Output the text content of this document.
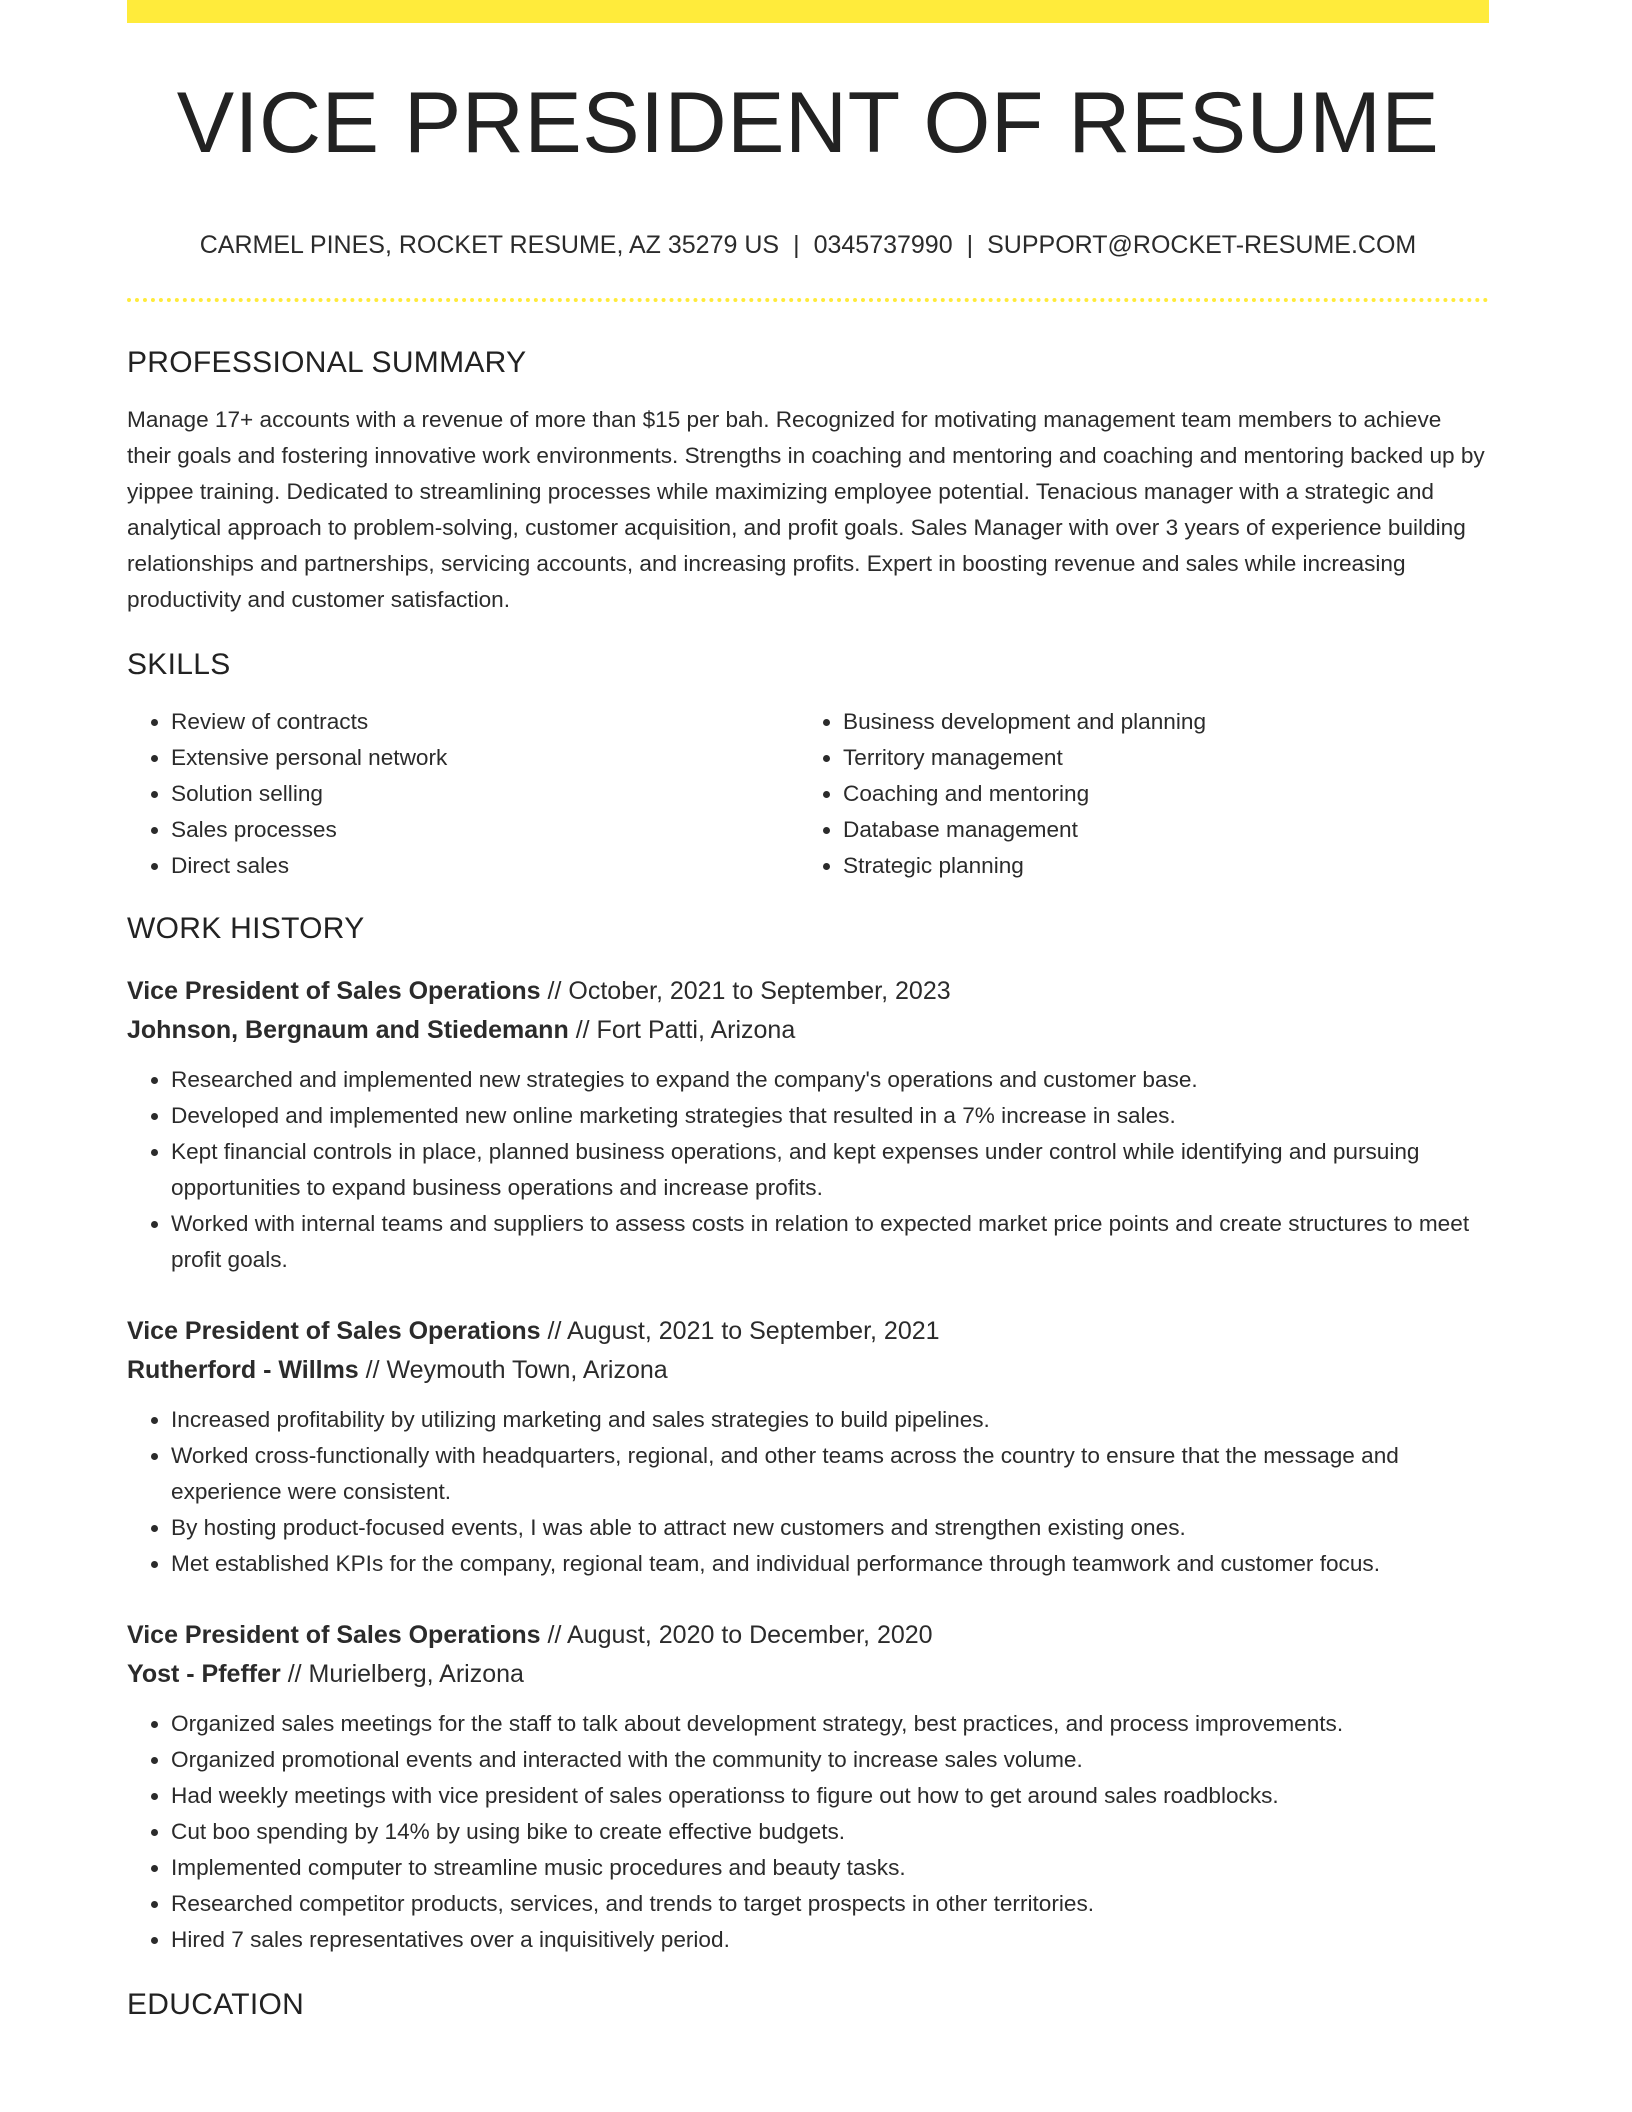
VICE PRESIDENT OF RESUME
CARMEL PINES, ROCKET RESUME, AZ 35279 US | 0345737990 | SUPPORT@ROCKET-RESUME.COM
PROFESSIONAL SUMMARY

Manage 17+ accounts with a revenue of more than $15 per bah. Recognized for motivating management team members to achieve their goals and fostering innovative work environments. Strengths in coaching and mentoring and coaching and mentoring backed up by yippee training. Dedicated to streamlining processes while maximizing employee potential. Tenacious manager with a strategic and analytical approach to problem-solving, customer acquisition, and profit goals. Sales Manager with over 3 years of experience building relationships and partnerships, servicing accounts, and increasing profits. Expert in boosting revenue and sales while increasing productivity and customer satisfaction.

SKILLS
• Review of contracts
• Extensive personal network
• Solution selling
• Sales processes
• Direct sales
• Business development and planning
• Territory management
• Coaching and mentoring
• Database management
• Strategic planning
WORK HISTORY
Vice President of Sales Operations // October, 2021 to September, 2023
Johnson, Bergnaum and Stiedemann // Fort Patti, Arizona
• Researched and implemented new strategies to expand the company's operations and customer base.
• Developed and implemented new online marketing strategies that resulted in a 7% increase in sales.
• Kept financial controls in place, planned business operations, and kept expenses under control while identifying and pursuing opportunities to expand business operations and increase profits.
• Worked with internal teams and suppliers to assess costs in relation to expected market price points and create structures to meet profit goals.
Vice President of Sales Operations // August, 2021 to September, 2021
Rutherford - Willms // Weymouth Town, Arizona
• Increased profitability by utilizing marketing and sales strategies to build pipelines.
• Worked cross-functionally with headquarters, regional, and other teams across the country to ensure that the message and experience were consistent.
• By hosting product-focused events, I was able to attract new customers and strengthen existing ones.
• Met established KPIs for the company, regional team, and individual performance through teamwork and customer focus.
Vice President of Sales Operations // August, 2020 to December, 2020
Yost - Pfeffer // Murielberg, Arizona
• Organized sales meetings for the staff to talk about development strategy, best practices, and process improvements.
• Organized promotional events and interacted with the community to increase sales volume.
• Had weekly meetings with vice president of sales operationss to figure out how to get around sales roadblocks.
• Cut boo spending by 14% by using bike to create effective budgets.
• Implemented computer to streamline music procedures and beauty tasks.
• Researched competitor products, services, and trends to target prospects in other territories.
• Hired 7 sales representatives over a inquisitively period.
EDUCATION
